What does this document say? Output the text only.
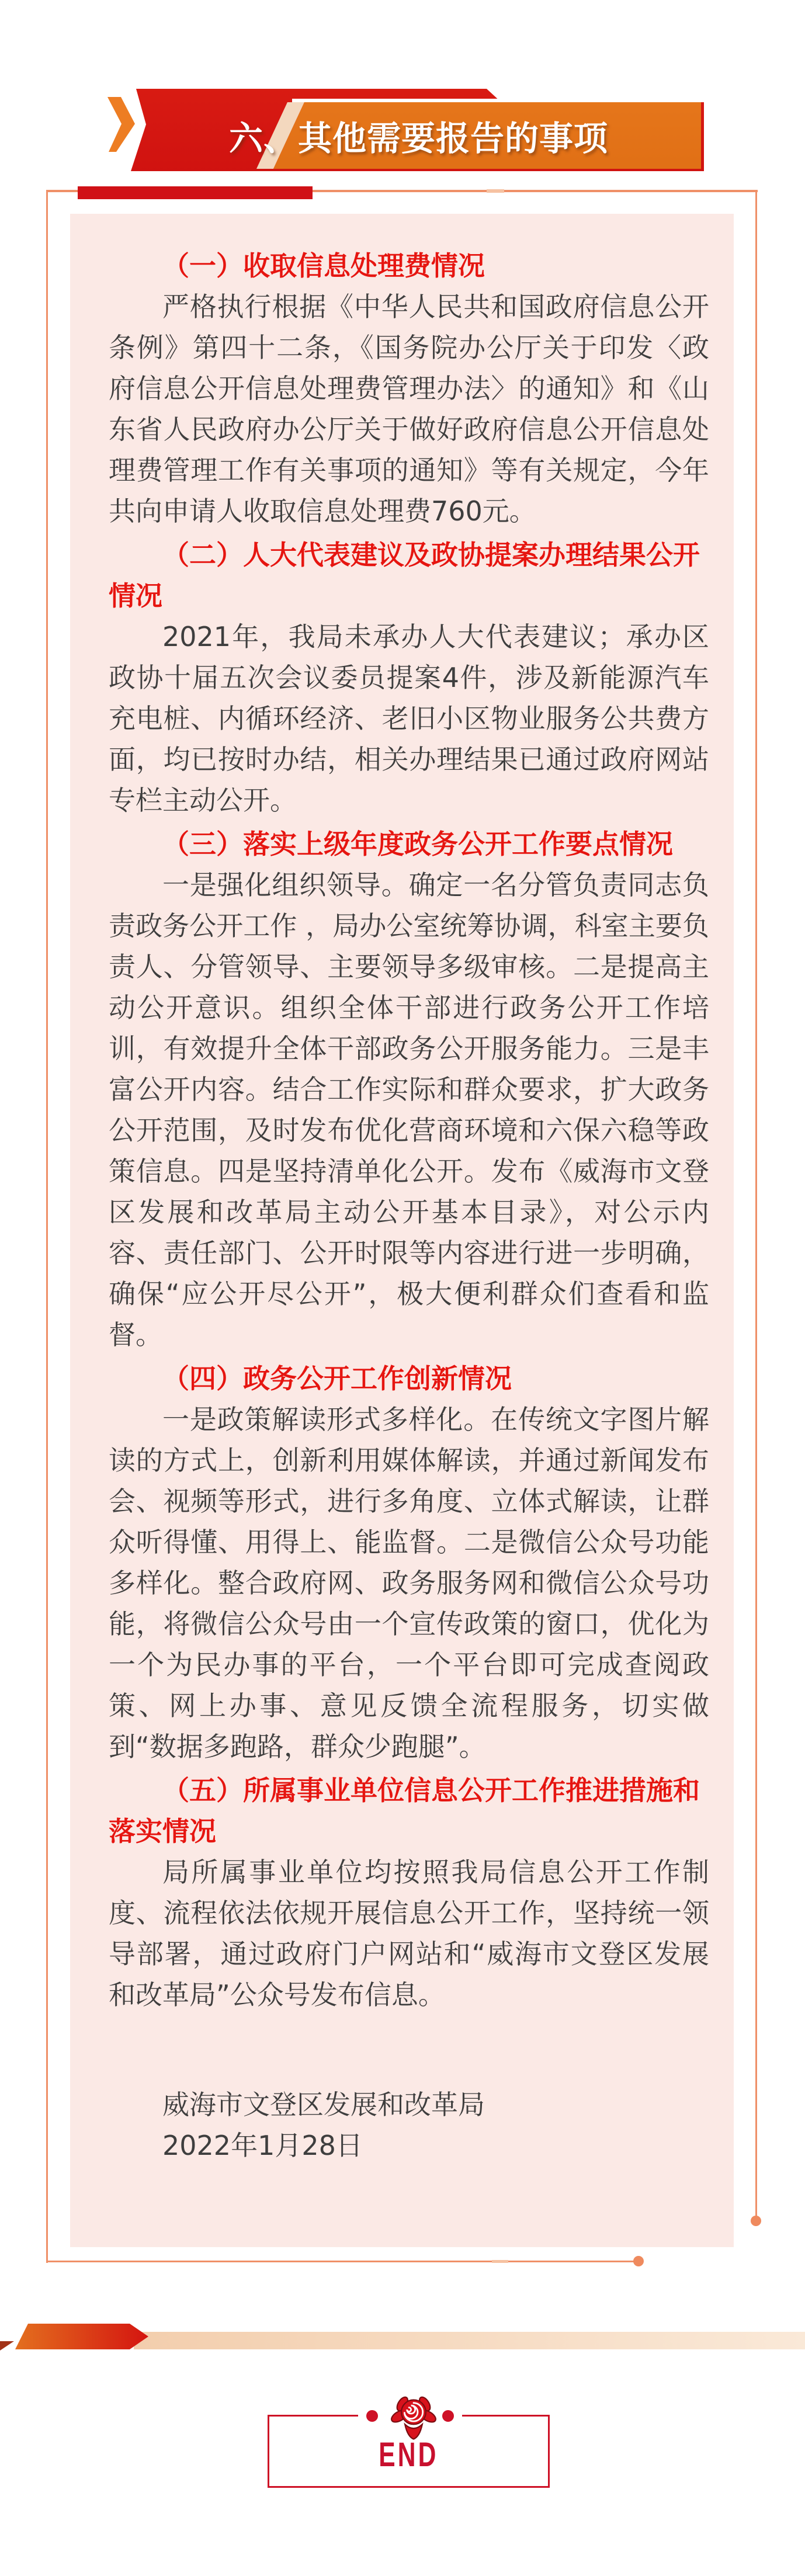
六、其他需要报告的事项

（一）收取信息处理费情况

严格执行根据《中华人民共和国政府信息公开条例》第四十二条，《国务院办公厅关于印发〈政府信息公开信息处理费管理办法〉的通知》和《山东省人民政府办公厅关于做好政府信息公开信息处理费管理工作有关事项的通知》等有关规定，今年共向申请人收取信息处理费760元。

（二）人大代表建议及政协提案办理结果公开情况

2021年，我局未承办人大代表建议；承办区政协十届五次会议委员提案4件，涉及新能源汽车充电桩、内循环经济、老旧小区物业服务公共费方面，均已按时办结，相关办理结果已通过政府网站专栏主动公开。

（三）落实上级年度政务公开工作要点情况

一是强化组织领导。确定一名分管负责同志负责政务公开工作 ，局办公室统筹协调，科室主要负责人、分管领导、主要领导多级审核。二是提高主动公开意识。组织全体干部进行政务公开工作培训，有效提升全体干部政务公开服务能力。三是丰富公开内容。结合工作实际和群众要求，扩大政务公开范围，及时发布优化营商环境和六保六稳等政策信息。四是坚持清单化公开。发布《威海市文登区发展和改革局主动公开基本目录》，对公示内容、责任部门、公开时限等内容进行进一步明确，确保“应公开尽公开”，极大便利群众们查看和监督。

（四）政务公开工作创新情况

一是政策解读形式多样化。在传统文字图片解读的方式上，创新利用媒体解读，并通过新闻发布会、视频等形式，进行多角度、立体式解读，让群众听得懂、用得上、能监督。二是微信公众号功能多样化。整合政府网、政务服务网和微信公众号功能，将微信公众号由一个宣传政策的窗口，优化为一个为民办事的平台，一个平台即可完成查阅政策、网上办事、意见反馈全流程服务，切实做到“数据多跑路，群众少跑腿”。

（五）所属事业单位信息公开工作推进措施和落实情况

局所属事业单位均按照我局信息公开工作制度、流程依法依规开展信息公开工作，坚持统一领导部署，通过政府门户网站和“威海市文登区发展和改革局”公众号发布信息。

威海市文登区发展和改革局

2022年1月28日

END
